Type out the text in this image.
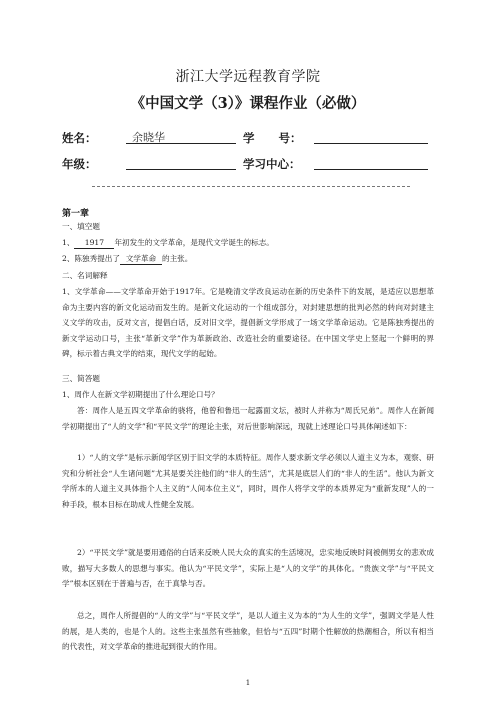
浙江大学远程教育学院
《中国文学（3）》课程作业（必做）
姓名：	余晓华	学      号：
年级：	学习中心：
第一章
一、填空题
1、 1917 年初发生的文学革命，是现代文学诞生的标志。
2、陈独秀提出了 文学革命 的主张。
二、名词解释
1、文学革命——文学革命开始于1917年。它是晚清文学改良运动在新的历史条件下的发展，是适应以思想革命为主要内容的新文化运动而发生的。是新文化运动的一个组成部分，对封建思想的批判必然的转向对封建主义文学的攻击，反对文言，提倡白话，反对旧文学，提倡新文学形成了一场文学革命运动。它是陈独秀提出的新文学运动口号，主张“革新文学”作为革新政治、改造社会的重要途径。在中国文学史上竖起一个鲜明的界碑，标示着古典文学的结束，现代文学的起始。
三、简答题
1、周作人在新文学初期提出了什么理论口号？
答：周作人是五四文学革命的骁将，他曾和鲁迅一起露面文坛，被时人并称为“周氏兄弟”。周作人在新闻学初期提出了“人的文学”和“平民文学”的理论主张，对后世影响深远，现就上述理论口号具体阐述如下：
1）“人的文学”是标示新闻学区别于旧文学的本质特征。周作人要求新文学必须以人道主义为本，观察、研究和分析社会“人生诸问题”尤其是要关注他们的“非人的生活”，尤其是底层人们的“非人的生活”。他认为新文学所本的人道主义具体指个人主义的“人间本位主义”，同时，周作人将学文学的本质界定为“重新发现”人的一种手段，根本目标在助成人性健全发展。
2）“平民文学”就是要用通俗的白话来反映人民大众的真实的生活境况，忠实地反映时间被侧男女的悲欢成败，描写大多数人的思想与事实。他认为“平民文学”，实际上是“人的文学”的具体化。“贵族文学”与“平民文学”根本区别在于普遍与否，在于真挚与否。
总之，周作人所提倡的“人的文学”与“平民文学”，是以人道主义为本的“为人生的文学”，强调文学是人性的展，是人类的，也是个人的。这些主张虽然有些抽象，但恰与“五四”时期个性解放的热潮相合，所以有相当的代表性，对文学革命的推进起到很大的作用。
1
